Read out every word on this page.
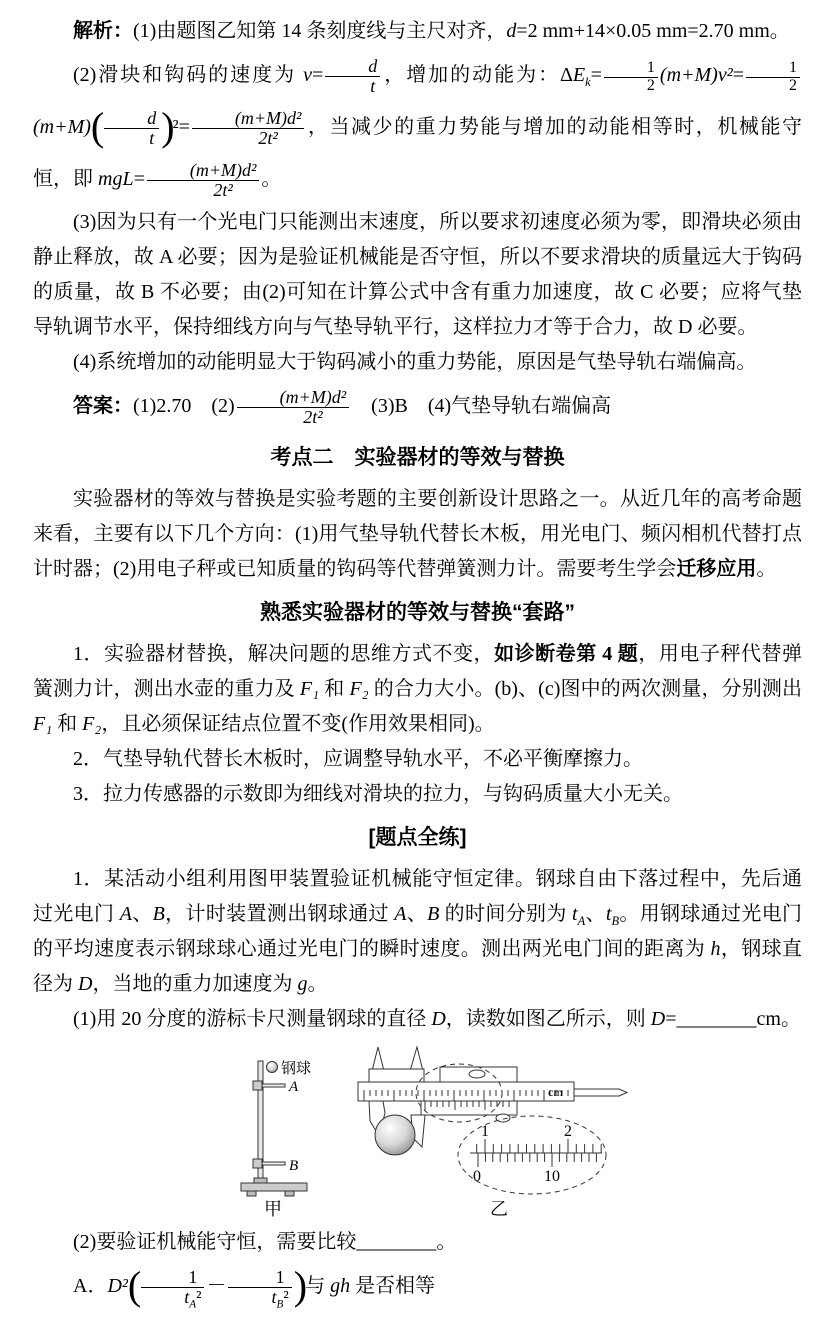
解析：(1)由题图乙知第 14 条刻度线与主尺对齐，d=2 mm+14×0.05 mm=2.70 mm。

(2)滑块和钩码的速度为 $v= \frac{d}{t}$ ，增加的动能为：$\Delta E_k= \frac{1}{2} (m+M)v^2= \frac{1}{2}$
$(m+M)( \frac{d}{t} )^2= \frac{\text{(m+M)d²}}{\text{2t²}}$ ，当减少的重力势能与增加的动能相等时，机械能守恒，即 $mgL= \frac{\text{(m+M)d²}}{\text{2t²}}$ 。

(3)因为只有一个光电门只能测出末速度，所以要求初速度必须为零，即滑块必须由静止释放，故 A 必要；因为是验证机械能是否守恒，所以不要求滑块的质量远大于钩码的质量，故 B 不必要；由(2)可知在计算公式中含有重力加速度，故 C 必要；应将气垫导轨调节水平，保持细线方向与气垫导轨平行，这样拉力才等于合力，故 D 必要。

(4)系统增加的动能明显大于钩码减小的重力势能，原因是气垫导轨右端偏高。

答案：(1)2.70　$(2) \frac{\text{(m+M)d²}}{\text{2t²}}$ 　(3)B　(4)气垫导轨右端偏高

考点二　实验器材的等效与替换

实验器材的等效与替换是实验考题的主要创新设计思路之一。从近几年的高考命题来看，主要有以下几个方向：(1)用气垫导轨代替长木板，用光电门、频闪相机代替打点计时器；(2)用电子秤或已知质量的钩码等代替弹簧测力计。需要考生学会迁移应用。

熟悉实验器材的等效与替换“套路”

1．实验器材替换，解决问题的思维方式不变，如诊断卷第 4 题，用电子秤代替弹簧测力计，测出水壶的重力及 F₁ 和 F₂ 的合力大小。(b)、(c)图中的两次测量，分别测出 F₁ 和 F₂，且必须保证结点位置不变(作用效果相同)。

2．气垫导轨代替长木板时，应调整导轨水平，不必平衡摩擦力。

3．拉力传感器的示数即为细线对滑块的拉力，与钩码质量大小无关。

[题点全练]

1．某活动小组利用图甲装置验证机械能守恒定律。钢球自由下落过程中，先后通过光电门 A、B，计时装置测出钢球通过 A、B 的时间分别为 $t_A$、$t_B$。用钢球通过光电门的平均速度表示钢球球心通过光电门的瞬时速度。测出两光电门间的距离为 h，钢球直径为 D，当地的重力加速度为 g。

(1)用 20 分度的游标卡尺测量钢球的直径 D，读数如图乙所示，则 D=________cm。

钢球
A
B
甲
cm
1	2
0	10
乙

(2)要验证机械能守恒，需要比较________。

A．$D^2( \frac{1}{t_A^2} - \frac{1}{t_B^2}$ )与 gh 是否相等
